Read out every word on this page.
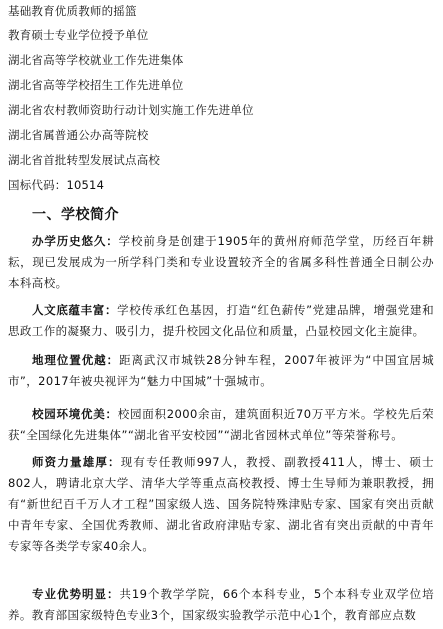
基础教育优质教师的摇篮
教育硕士专业学位授予单位
湖北省高等学校就业工作先进集体
湖北省高等学校招生工作先进单位
湖北省农村教师资助行动计划实施工作先进单位
湖北省属普通公办高等院校
湖北省首批转型发展试点高校
国标代码：10514
一、学校简介
办学历史悠久：学校前身是创建于1905年的黄州府师范学堂，历经百年耕耘，现已发展成为一所学科门类和专业设置较齐全的省属多科性普通全日制公办本科高校。
人文底蕴丰富：学校传承红色基因，打造“红色薪传”党建品牌，增强党建和思政工作的凝聚力、吸引力，提升校园文化品位和质量，凸显校园文化主旋律。
地理位置优越：距离武汉市城铁28分钟车程，2007年被评为“中国宜居城市”，2017年被央视评为“魅力中国城”十强城市。
校园环境优美：校园面积2000余亩，建筑面积近70万平方米。学校先后荣获“全国绿化先进集体”“湖北省平安校园”“湖北省园林式单位”等荣誉称号。
师资力量雄厚：现有专任教师997人，教授、副教授411人，博士、硕士802人，聘请北京大学、清华大学等重点高校教授、博士生导师为兼职教授，拥有“新世纪百千万人才工程”国家级人选、国务院特殊津贴专家、国家有突出贡献中青年专家、全国优秀教师、湖北省政府津贴专家、湖北省有突出贡献的中青年专家等各类学专家40余人。
专业优势明显：共19个教学学院，66个本科专业，5个本科专业双学位培养。教育部国家级特色专业3个，国家级实验教学示范中心1个，教育部应点数
